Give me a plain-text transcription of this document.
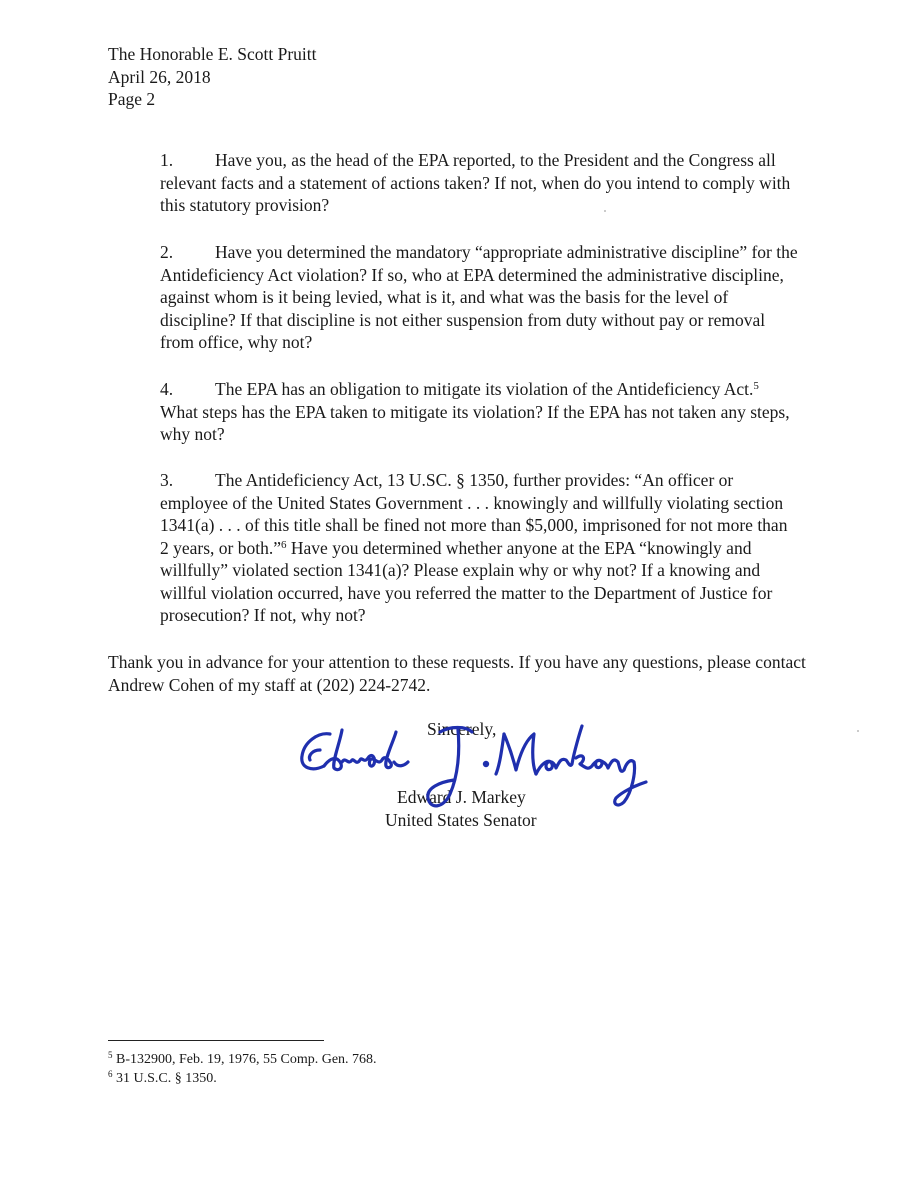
The Honorable E. Scott Pruitt
April 26, 2018
Page 2

1. Have you, as the head of the EPA reported, to the President and the Congress all relevant facts and a statement of actions taken? If not, when do you intend to comply with this statutory provision?

2. Have you determined the mandatory “appropriate administrative discipline” for the Antideficiency Act violation? If so, who at EPA determined the administrative discipline, against whom is it being levied, what is it, and what was the basis for the level of discipline? If that discipline is not either suspension from duty without pay or removal from office, why not?

4. The EPA has an obligation to mitigate its violation of the Antideficiency Act.$^5$ What steps has the EPA taken to mitigate its violation? If the EPA has not taken any steps, why not?

3. The Antideficiency Act, 13 U.SC. § 1350, further provides: “An officer or employee of the United States Government . . . knowingly and willfully violating section 1341(a) . . . of this title shall be fined not more than $5,000, imprisoned for not more than 2 years, or both.”$^6$ Have you determined whether anyone at the EPA “knowingly and willfully” violated section 1341(a)? Please explain why or why not? If a knowing and willful violation occurred, have you referred the matter to the Department of Justice for prosecution? If not, why not?

Thank you in advance for your attention to these requests. If you have any questions, please contact Andrew Cohen of my staff at (202) 224-2742.
Sincerely,
Edward J. Markey
United States Senator
$^5$ B-132900, Feb. 19, 1976, 55 Comp. Gen. 768.
$^6$ 31 U.S.C. § 1350.
